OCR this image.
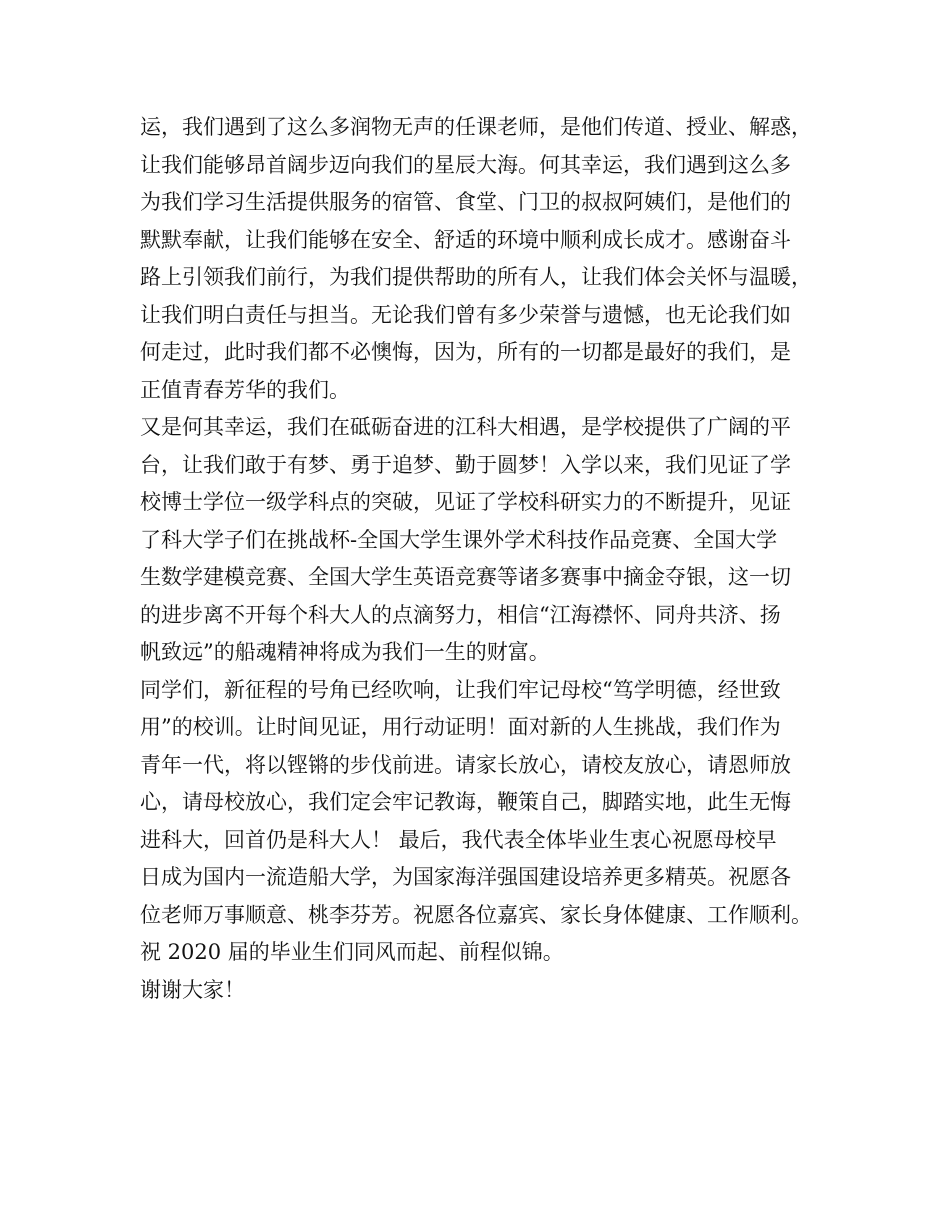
运，我们遇到了这么多润物无声的任课老师，是他们传道、授业、解惑，
让我们能够昂首阔步迈向我们的星辰大海。何其幸运，我们遇到这么多
为我们学习生活提供服务的宿管、食堂、门卫的叔叔阿姨们，是他们的
默默奉献，让我们能够在安全、舒适的环境中顺利成长成才。感谢奋斗
路上引领我们前行，为我们提供帮助的所有人，让我们体会关怀与温暖，
让我们明白责任与担当。无论我们曾有多少荣誉与遗憾，也无论我们如
何走过，此时我们都不必懊悔，因为，所有的一切都是最好的我们，是
正值青春芳华的我们。
又是何其幸运，我们在砥砺奋进的江科大相遇，是学校提供了广阔的平
台，让我们敢于有梦、勇于追梦、勤于圆梦！入学以来，我们见证了学
校博士学位一级学科点的突破，见证了学校科研实力的不断提升，见证
了科大学子们在挑战杯-全国大学生课外学术科技作品竞赛、全国大学
生数学建模竞赛、全国大学生英语竞赛等诸多赛事中摘金夺银，这一切
的进步离不开每个科大人的点滴努力，相信“江海襟怀、同舟共济、扬
帆致远”的船魂精神将成为我们一生的财富。
同学们，新征程的号角已经吹响，让我们牢记母校“笃学明德，经世致
用”的校训。让时间见证，用行动证明！面对新的人生挑战，我们作为
青年一代，将以铿锵的步伐前进。请家长放心，请校友放心，请恩师放
心，请母校放心，我们定会牢记教诲，鞭策自己，脚踏实地，此生无悔
进科大，回首仍是科大人！ 最后，我代表全体毕业生衷心祝愿母校早
日成为国内一流造船大学，为国家海洋强国建设培养更多精英。祝愿各
位老师万事顺意、桃李芬芳。祝愿各位嘉宾、家长身体健康、工作顺利。
祝 2020 届的毕业生们同风而起、前程似锦。
谢谢大家！
